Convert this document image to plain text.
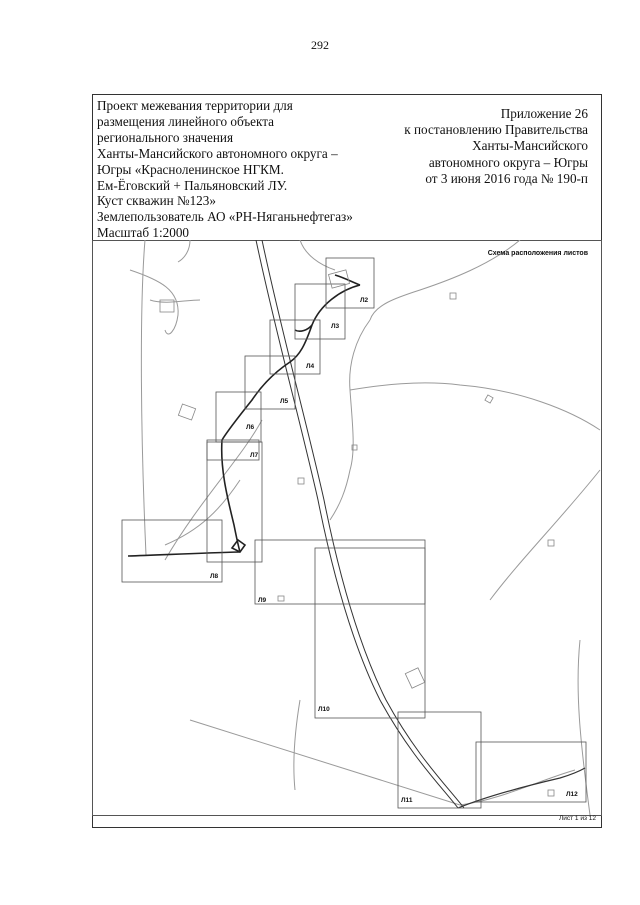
292
Проект межевания территории для
размещения линейного объекта
регионального значения
Ханты-Мансийского автономного округа –
Югры «Красноленинское НГКМ.
Ем-Ёговский + Пальяновский ЛУ.
Куст скважин №123»
Землепользователь АО «РН-Няганьнефтегаз»
Масштаб 1:2000
Приложение 26
к постановлению Правительства
Ханты-Мансийского
автономного округа – Югры
от 3 июня 2016 года № 190-п
Схема расположения листов
Л2
Л3
Л4
Л5
Л6
Л7
Л8
Л9
Л10
Л11
Л12
Лист 1 из 12
